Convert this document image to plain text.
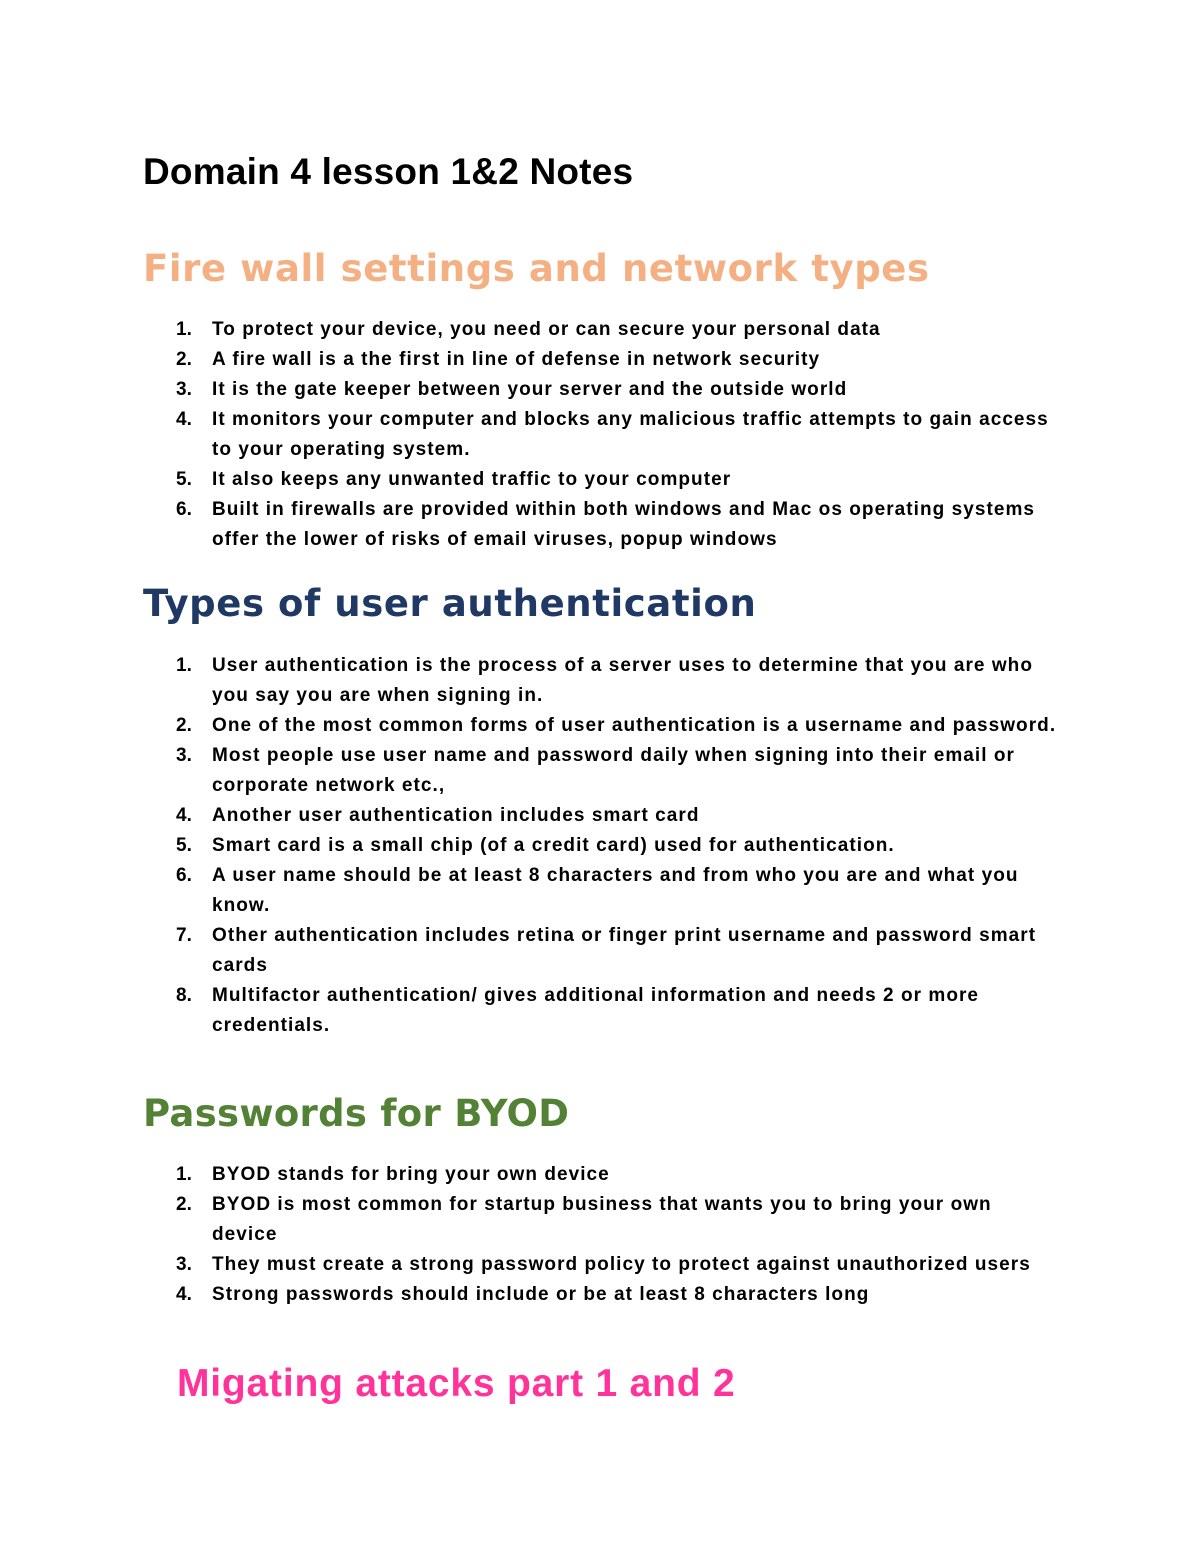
Domain 4 lesson 1&2 Notes
Fire wall settings and network types
1. To protect your device, you need or can secure your personal data
2. A fire wall is a the first in line of defense in network security
3. It is the gate keeper between your server and the outside world
4. It monitors your computer and blocks any malicious traffic attempts to gain access to your operating system.
5. It also keeps any unwanted traffic to your computer
6. Built in firewalls are provided within both windows and Mac os operating systems offer the lower of risks of email viruses, popup windows
Types of user authentication
1. User authentication is the process of a server uses to determine that you are who you say you are when signing in.
2. One of the most common forms of user authentication is a username and password.
3. Most people use user name and password daily when signing into their email or corporate network etc.,
4. Another user authentication includes smart card
5. Smart card is a small chip (of a credit card) used for authentication.
6. A user name should be at least 8 characters and from who you are and what you know.
7. Other authentication includes retina or finger print username and password smart cards
8. Multifactor authentication/ gives additional information and needs 2 or more credentials.
Passwords for BYOD
1. BYOD stands for bring your own device
2. BYOD is most common for startup business that wants you to bring your own device
3. They must create a strong password policy to protect against unauthorized users
4. Strong passwords should include or be at least 8 characters long
Migating attacks part 1 and 2
